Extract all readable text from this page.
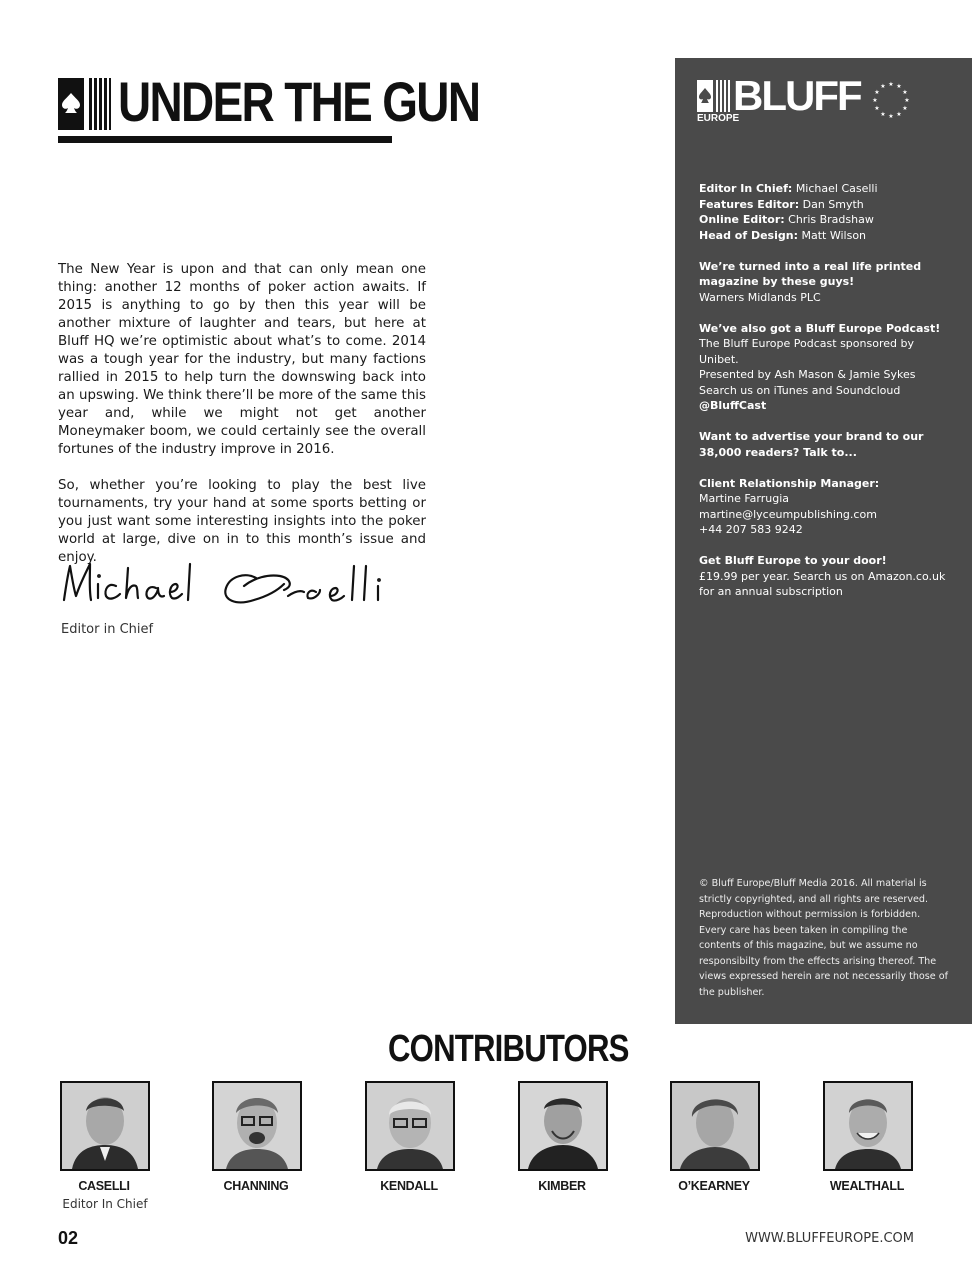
UNDER THE GUN

The New Year is upon and that can only mean one thing: another 12 months of poker action awaits. If 2015 is anything to go by then this year will be another mixture of laughter and tears, but here at Bluff HQ we’re optimistic about what’s to come. 2014 was a tough year for the industry, but many factions rallied in 2015 to help turn the downswing back into an upswing. We think there’ll be more of the same this year and, while we might not get another Moneymaker boom, we could certainly see the overall fortunes of the industry improve in 2016.

So, whether you’re looking to play the best live tournaments, try your hand at some sports betting or you just want some interesting insights into the poker world at large, dive on in to this month’s issue and enjoy.

Editor in Chief
BLUFF
EUROPE
★ ★
★
★
★
★
★
★
★
★
★
★

Editor In Chief: Michael Caselli
Features Editor: Dan Smyth
Online Editor: Chris Bradshaw
Head of Design: Matt Wilson

We’re turned into a real life printed magazine by these guys!
Warners Midlands PLC

We’ve also got a Bluff Europe Podcast!
The Bluff Europe Podcast sponsored by Unibet.
Presented by Ash Mason & Jamie Sykes
Search us on iTunes and Soundcloud
@BluffCast

Want to advertise your brand to our 38,000 readers? Talk to...

Client Relationship Manager:
Martine Farrugia
martine@lyceumpublishing.com
+44 207 583 9242

Get Bluff Europe to your door!
£19.99 per year. Search us on Amazon.co.uk for an annual subscription

© Bluff Europe/Bluff Media 2016. All material is strictly copyrighted, and all rights are reserved. Reproduction without permission is forbidden. Every care has been taken in compiling the contents of this magazine, but we assume no responsibilty from the effects arising thereof. The views expressed herein are not necessarily those of the publisher.
CONTRIBUTORS
CASELLI
Editor In Chief
CHANNING	KENDALL	KIMBER	O’KEARNEY	WEALTHALL
02	WWW.BLUFFEUROPE.COM
